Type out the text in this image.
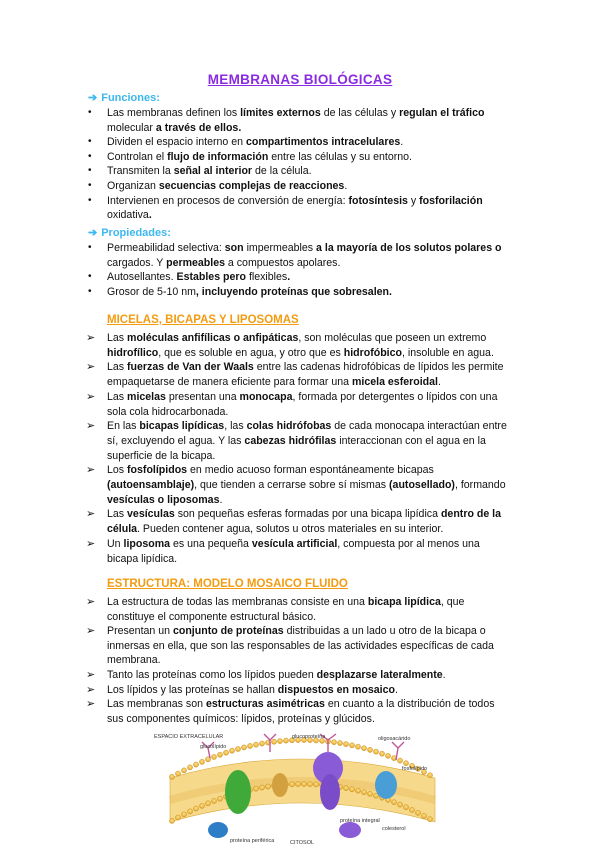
MEMBRANAS BIOLÓGICAS
➔ Funciones:
Las membranas definen los límites externos de las células y regulan el tráfico
•
molecular a través de ellos.
Dividen el espacio interno en compartimentos intracelulares.
•
Controlan el flujo de información entre las células y su entorno.
•
Transmiten la señal al interior de la célula.
•
Organizan secuencias complejas de reacciones.
•
Intervienen en procesos de conversión de energía: fotosíntesis y fosforilación
•
oxidativa.
➔ Propiedades:
Permeabilidad selectiva: son impermeables a la mayoría de los solutos polares o
•
cargados. Y permeables a compuestos apolares.
Autosellantes. Estables pero flexibles.
•
Grosor de 5-10 nm, incluyendo proteínas que sobresalen.
•
MICELAS, BICAPAS Y LIPOSOMAS
Las moléculas anfifílicas o anfipáticas, son moléculas que poseen un extremo
➢
hidrofílico, que es soluble en agua, y otro que es hidrofóbico, insoluble en agua.
Las fuerzas de Van der Waals entre las cadenas hidrofóbicas de lípidos les permite
➢
empaquetarse de manera eficiente para formar una micela esferoidal.
Las micelas presentan una monocapa, formada por detergentes o lípidos con una
➢
sola cola hidrocarbonada.
En las bicapas lipídicas, las colas hidrófobas de cada monocapa interactúan entre
➢
sí, excluyendo el agua. Y las cabezas hidrófilas interaccionan con el agua en la
superficie de la bicapa.
Los fosfolípidos en medio acuoso forman espontáneamente bicapas
➢
(autoensamblaje), que tienden a cerrarse sobre sí mismas (autosellado), formando
vesículas o liposomas.
Las vesículas son pequeñas esferas formadas por una bicapa lipídica dentro de la
➢
célula. Pueden contener agua, solutos u otros materiales en su interior.
Un liposoma es una pequeña vesícula artificial, compuesta por al menos una
➢
bicapa lipídica.
ESTRUCTURA: MODELO MOSAICO FLUIDO
La estructura de todas las membranas consiste en una bicapa lipídica, que
➢
constituye el componente estructural básico.
Presentan un conjunto de proteínas distribuidas a un lado u otro de la bicapa o
➢
inmersas en ella, que son las responsables de las actividades específicas de cada
membrana.
Tanto las proteínas como los lípidos pueden desplazarse lateralmente.
➢
Los lípidos y las proteínas se hallan dispuestos en mosaico.
➢
Las membranas son estructuras asimétricas en cuanto a la distribución de todos
➢
sus componentes químicos: lípidos, proteínas y glúcidos.
ESPACIO EXTRACELULAR
CITOSOL
glucolípido
glucoproteína	oligosacárido
proteína periférica
proteína integral
colesterol
fosfolípido
